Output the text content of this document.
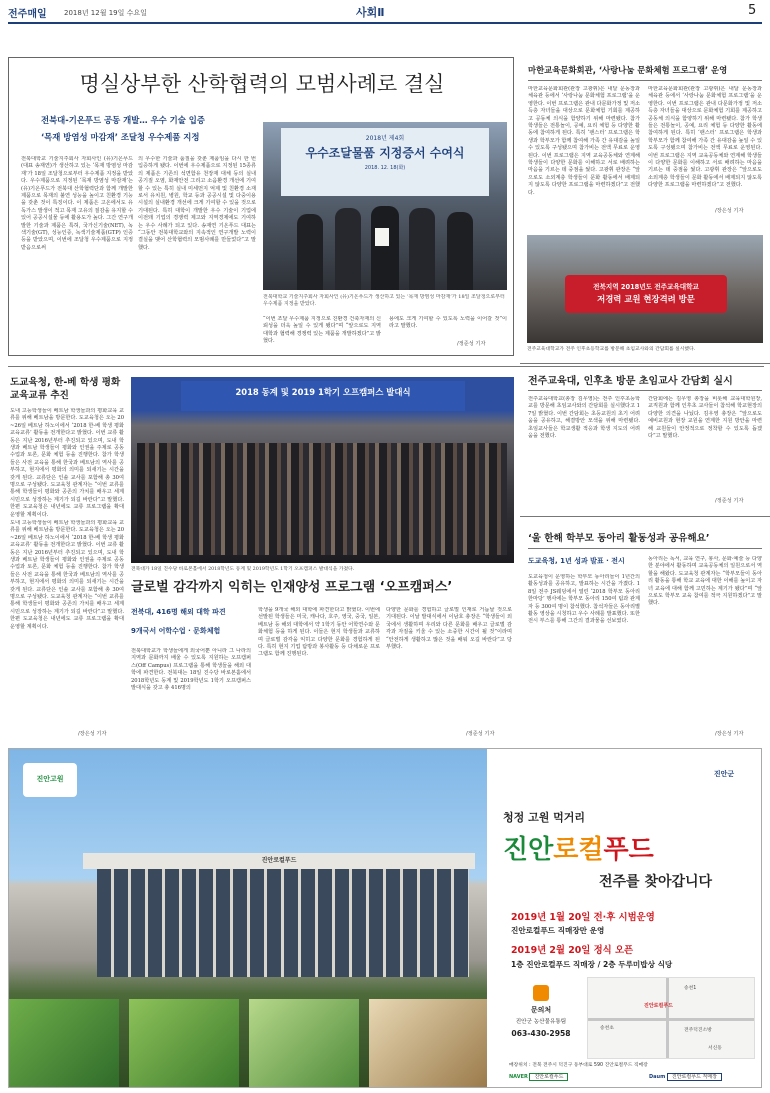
전주매일 2018년 12월 19일 수요일	사회Ⅱ	5
명실상부한 산학협력의 모범사례로 결실
전북대-기온푸드 공동 개발… 우수 기술 입증
‘목재 방염성 마감재’ 조달청 우수제품 지정
전북대학교 기술지주회사 자회사인 (유)기온푸드(대표 송재연)가 생산하고 있는 ‘목재 방염성 마감재’가 18일 조달청으로부터 우수제품 지정을 받았다. 우수제품으로 지정된 ‘목재 방염성 마감재’는 (유)기온푸드가 전북대 산학협력단과 함께 개발한 제품으로 목재의 불연 성능을 높이고 친환경 기능을 갖춘 것이 특징이다. 이 제품은 고온에서도 유독가스 발생이 적고 목재 고유의 질감을 유지할 수 있어 공공시설물 등에 활용도가 높다. 그간 연구개발한 기술과 제품은 특허, 국가신기술(NET), 녹색기술(GT), 성능인증, 녹색기술제품(GTP) 인증 등을 받았으며, 이번에 조달청 우수제품으로 지정받음으로써
의 우수한 기술과 품질을 갖춘 제품임을 다시 한 번 입증하게 됐다. 이번에 우수제품으로 지정된 15종류의 제품은 기존의 석면함유 천장재 대체 등의 실내 공기질 오염, 화재안전 그리고 소음환경 개선에 기여할 수 있는 특히 실내 미세먼지 억제 및 친환경 소재로서 유치원, 병원, 학교 등과 공공시설 및 다중이용시설의 실내환경 개선에 크게 기여할 수 있을 것으로 기대된다. 특히 대학이 개발한 우수 기술이 기업에 이전돼 기업의 경쟁력 제고와 지역경제에도 기여하는 우수 사례가 되고 있다. 송재연 기온푸드 대표는 “그동안 전북대학교와의 지속적인 연구개발 노력이 결실을 맺어 산학협력의 모범사례를 만들었다”고 말했다.
2018년 제4회
우수조달물품 지정증서 수여식
2018. 12. 18(화)
전북대학교 기술지주회사 자회사인 (유)기온푸드가 생산하고 있는 ‘목재 방염성 마감재’가 18일 조달청으로부터 우수제품 지정을 받았다.
“이번 조달 우수제품 지정으로 친환경 건축자재의 신뢰성을 더욱 높일 수 있게 됐다”며 “앞으로도 지역 대학과 협력해 경쟁력 있는 제품을 개발하겠다”고 밝혔다.
용에도 크게 기여할 수 있도록 노력을 이어갈 것”이라고 말했다.
/정준성 기자
마한교육문화회관, ‘사랑나눔 문화체험 프로그램’ 운영
마한교육문화회관(관장 고광휘)은 내달 운동장과 체육관 등에서 ‘사랑나눔 문화체험 프로그램’을 운영한다. 이번 프로그램은 관내 다문화가정 및 저소득층 자녀들을 대상으로 문화체험 기회를 제공하고 공동체 의식을 함양하기 위해 마련됐다. 참가 학생들은 전통놀이, 공예, 요리 체험 등 다양한 활동에 참여하게 된다. 특히 ‘팬스터’ 프로그램은 학생과 학부모가 함께 참여해 가족 간 유대감을 높일 수 있도록 구성됐으며 참가비는 전액 무료로 운영된다. 이번 프로그램은 지역 교육공동체와 연계해 학생들이 다양한 문화를 이해하고 서로 배려하는 마음을 기르는 데 중점을 뒀다. 고광휘 관장은 “앞으로도 소외계층 학생들이 문화 활동에서 배제되지 않도록 다양한 프로그램을 마련하겠다”고 전했다.
마한교육문화회관(관장 고광휘)은 내달 운동장과 체육관 등에서 ‘사랑나눔 문화체험 프로그램’을 운영한다. 이번 프로그램은 관내 다문화가정 및 저소득층 자녀들을 대상으로 문화체험 기회를 제공하고 공동체 의식을 함양하기 위해 마련됐다. 참가 학생들은 전통놀이, 공예, 요리 체험 등 다양한 활동에 참여하게 된다. 특히 ‘팬스터’ 프로그램은 학생과 학부모가 함께 참여해 가족 간 유대감을 높일 수 있도록 구성됐으며 참가비는 전액 무료로 운영된다. 이번 프로그램은 지역 교육공동체와 연계해 학생들이 다양한 문화를 이해하고 서로 배려하는 마음을 기르는 데 중점을 뒀다. 고광휘 관장은 “앞으로도 소외계층 학생들이 문화 활동에서 배제되지 않도록 다양한 프로그램을 마련하겠다”고 전했다.
/장은성 기자
전북지역 2018년도 전주교육대학교
저경력 교원 현장격려 방문
전주교육대학교가 전주 인후초등학교를 방문해 초임교사와의 간담회를 실시했다.
전주교육대, 인후초 방문 초임교사 간담회 실시
전주교육대학교(총장 김우영)는 전주 인후초등학교를 방문해 초임교사와의 간담회를 실시했다고 17일 밝혔다. 이번 간담회는 초등교원의 초기 어려움을 공유하고, 해결방안 모색을 위해 마련됐다. 초임교사들은 학교생활 적응과 학생 지도의 어려움을 전했다.
간담회에는 김우영 총장을 비롯해 교육대학원장, 교직원과 함께 인후초 교사들이 참석해 학교현장의 다양한 의견을 나눴다. 김우영 총장은 “앞으로도 예비교원과 현장 교원을 연계한 지원 방안을 마련해 교원들이 안정적으로 정착할 수 있도록 돕겠다”고 말했다.
/정준성 기자
도교육청, 한-베 학생 평화교육교류 추진
도내 고등학생들이 베트남 학생들과의 평화교육 교류를 위해 베트남을 방문한다. 도교육청은 오는 20~26일 베트남 하노이에서 ‘2018 한-베 학생 평화교육교류’ 활동을 전개한다고 밝혔다. 이번 교류 활동은 지난 2016년부터 추진되고 있으며, 도내 학생과 베트남 학생들이 평화와 인권을 주제로 공동 수업과 토론, 문화 체험 등을 진행한다. 참가 학생들은 사전 교육을 통해 한국과 베트남의 역사를 공부하고, 현지에서 평화의 의미를 되새기는 시간을 갖게 된다. 교류단은 인솔 교사를 포함해 총 30여 명으로 구성됐다. 도교육청 관계자는 “이번 교류를 통해 학생들이 평화와 공존의 가치를 배우고 세계시민으로 성장하는 계기가 되길 바란다”고 말했다. 한편 도교육청은 내년에도 교류 프로그램을 확대 운영할 계획이다.
도내 고등학생들이 베트남 학생들과의 평화교육 교류를 위해 베트남을 방문한다. 도교육청은 오는 20~26일 베트남 하노이에서 ‘2018 한-베 학생 평화교육교류’ 활동을 전개한다고 밝혔다. 이번 교류 활동은 지난 2016년부터 추진되고 있으며, 도내 학생과 베트남 학생들이 평화와 인권을 주제로 공동 수업과 토론, 문화 체험 등을 진행한다. 참가 학생들은 사전 교육을 통해 한국과 베트남의 역사를 공부하고, 현지에서 평화의 의미를 되새기는 시간을 갖게 된다. 교류단은 인솔 교사를 포함해 총 30여 명으로 구성됐다. 도교육청 관계자는 “이번 교류를 통해 학생들이 평화와 공존의 가치를 배우고 세계시민으로 성장하는 계기가 되길 바란다”고 말했다. 한편 도교육청은 내년에도 교류 프로그램을 확대 운영할 계획이다.
/장은성 기자
2018 동계 및 2019 1학기 오프캠퍼스 발대식
전북대가 18일 진수당 바로본홀에서 2018학년도 동계 및 2019학년도 1학기 오프캠퍼스 발대식을 가졌다.
글로벌 감각까지 익히는 인재양성 프로그램 ‘오프캠퍼스’
전북대, 416명 해외 대학 파견
9개국서 어학수업 · 문화체험
전북대학교가 학생들에게 외국어뿐 아니라 그 나라의 지역과 문화까지 배울 수 있도록 지원하는 오프캠퍼스(Off Campus) 프로그램을 통해 학생들을 해외 대학에 파견한다. 전북대는 18일 진수당 바로본홀에서 2018학년도 동계 및 2019학년도 1학기 오프캠퍼스 발대식을 갖고 총 416명의
학생을 9개국 해외 대학에 파견한다고 밝혔다. 이번에 선발된 학생들은 미국, 캐나다, 호주, 영국, 중국, 일본, 베트남 등 해외 대학에서 약 1학기 동안 어학연수와 문화체험 등을 하게 된다. 이들은 현지 학생들과 교류하며 글로벌 감각을 익히고 다양한 문화를 경험하게 된다. 특히 현지 기업 탐방과 봉사활동 등 다채로운 프로그램도 함께 진행된다.
다양한 문화를 경험하고 글로벌 인재로 거듭날 것으로 기대된다. 이날 발대식에서 이남호 총장은 “학생들이 외국에서 생활하며 우리와 다른 문화를 배우고 글로벌 감각과 자질을 키울 수 있는 소중한 시간이 될 것”이라며 “안전하게 생활하고 많은 것을 배워 오길 바란다”고 당부했다.
/정준성 기자
‘울 한해 학부모 동아리 활동성과 공유해요’
도교육청, 1년 성과 발표 · 전시
도교육청이 운영하는 학부모 동아리들이 1년간의 활동성과를 공유하고, 발표하는 시간을 가졌다. 18일 전주 JS웨딩에서 열린 ‘2018 학부모 동아리 한마당’ 행사에는 학부모 동아리 150여 팀과 관계자 등 300여 명이 참석했다. 참석자들은 동아리별 활동 영상을 시청하고 우수 사례를 발표했다. 또한 전시 부스를 통해 그간의 결과물을 선보였다.
동아리는 독서, 교육 연구, 봉사, 문화·예술 등 다양한 분야에서 활동하며 교육공동체의 일원으로서 역할을 해왔다. 도교육청 관계자는 “학부모들이 동아리 활동을 통해 학교 교육에 대한 이해를 높이고 자녀 교육에 대해 함께 고민하는 계기가 됐다”며 “앞으로도 학부모 교육 참여를 적극 지원하겠다”고 말했다.
/장은성 기자
진안로컬푸드
진안고원
진안군
청정 고원 먹거리
진안로컬푸드
전주를 찾아갑니다
2019년 1월 20일 전·후 시범운영
진안로컬푸드 직매장만 운영
2019년 2월 20일 정식 오픈
1층 진안로컬푸드 직매장 / 2층 두루미밥상 식당
문의처
진안군 농산물유통팀
063-430-2958
송천1
진안로컬푸드
송천초	전주덕진소방
서신동
매장위치 : 전북 전주시 덕진구 동부대로 590 진안로컬푸드 직매장
NAVER 진안로컬푸드	Daum 진안로컬푸드 직매장
